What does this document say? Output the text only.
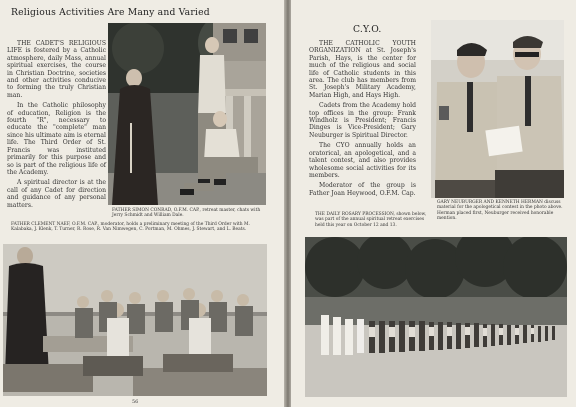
Religious Activities Are Many and Varied

THE CADET'S RELIGIOUS LIFE is fostered by a Catholic atmosphere, daily Mass, annual spiritual exercises, the course in Christian Doctrine, societies and other activities conducive to forming the truly Christian man.

In the Catholic philosophy of education, Religion is the fourth "R", necessary to educate the "complete" man since his ultimate aim is eternal life. The Third Order of St. Francis was instituted primarily for this purpose and so is part of the religious life of the Academy.

A spiritual director is at the call of any Cadet for direction and guidance of any personal matters.

FATHER SIMON CONRAD, O.F.M. CAP., retreat master, chats with Jerry Schmidt and William Dale.
FATHER CLEMENT NAEF, O.F.M. CAP., moderator, holds a preliminary meeting of the Third Order with M. Kalabaka, J. Klenk, T. Turner, R. Rose, R. Van Nimwegen, C. Portman, M. Ohmes, J. Stewart, and L. Beats.
56
C.Y.O.

THE CATHOLIC YOUTH ORGANIZATION at St. Joseph's Parish, Hays, is the center for much of the religious and social life of Catholic students in this area. The club has members from St. Joseph's Military Academy, Marian High, and Hays High.

Cadets from the Academy hold top offices in the group: Frank Windholz is President; Francis Dinges is Vice-President; Gary Neuburger is Spiritual Director.

The CYO annually holds an oratorical, an apologetical, and a talent contest, and also provides wholesome social activities for its members.

Moderator of the group is Father Joan Heywood, O.F.M. Cap.

GARY NEUBURGER AND KENNETH HERMAN discuss material for the apologetical contest in the photo above. Herman placed first, Neuburger received honorable mention.
THE DAILY ROSARY PROCESSION, shown below, was part of the annual spiritual retreat exercises held this year on October 12 and 13.
